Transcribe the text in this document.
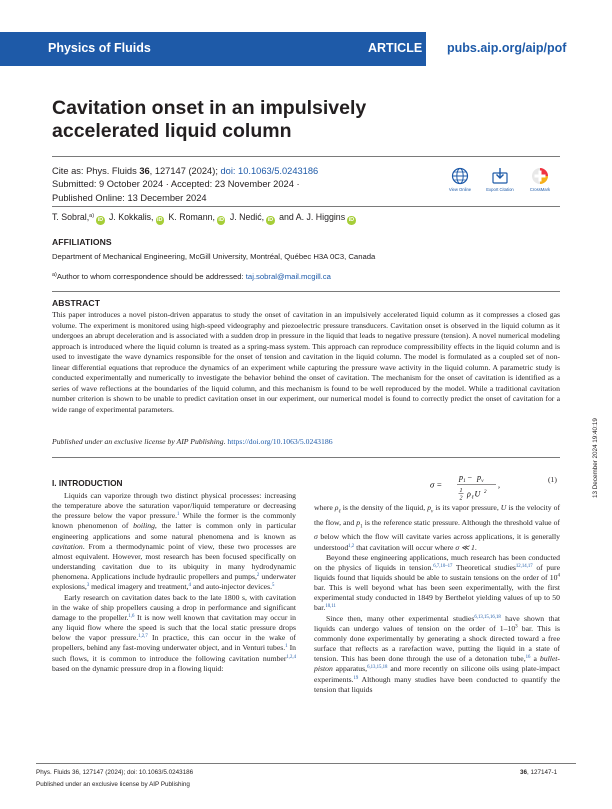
Physics of Fluids	ARTICLE pubs.aip.org/aip/pof
Cavitation onset in an impulsively accelerated liquid column
Cite as: Phys. Fluids 36, 127147 (2024); doi: 10.1063/5.0243186
Submitted: 9 October 2024 · Accepted: 23 November 2024 ·
Published Online: 13 December 2024
View Online	Export Citation	CrossMark
T. Sobral,$^{a)}$iD J. Kokkalis, iD K. Romann, iD J. Nedić, iD and A. J. Higgins iD
AFFILIATIONS
Department of Mechanical Engineering, McGill University, Montréal, Québec H3A 0C3, Canada
$^{a)}$Author to whom correspondence should be addressed: taj.sobral@mail.mcgill.ca
ABSTRACT

This paper introduces a novel piston-driven apparatus to study the onset of cavitation in an impulsively accelerated liquid column as it compresses a closed gas volume. The experiment is monitored using high-speed videography and piezoelectric pressure transducers. Cavitation onset is observed in the liquid column as it undergoes an abrupt deceleration and is associated with a sudden drop in pressure in the liquid that leads to negative pressure (tension). A novel numerical modeling approach is introduced where the liquid column is treated as a spring-mass system. This approach can reproduce compressibility effects in the liquid column and is used to investigate the wave dynamics responsible for the onset of tension and cavitation in the liquid column. The model is formulated as a coupled set of non-linear differential equations that reproduce the dynamics of an experiment while capturing the pressure wave activity in the liquid column. A parametric study is conducted experimentally and numerically to investigate the behavior behind the onset of cavitation. The mechanism for the onset of cavitation is identified as a series of wave reflections at the boundaries of the liquid column, and this mechanism is found to be well reproduced by the model. While a traditional cavitation number criterion is shown to be unable to predict cavitation onset in our experiment, our numerical model is found to correctly predict the onset of cavitation for a wide range of experimental parameters.

Published under an exclusive license by AIP Publishing. https://doi.org/10.1063/5.0243186
I. INTRODUCTION

Liquids can vaporize through two distinct physical processes: increasing the temperature above the saturation vapor/liquid temperature or decreasing the pressure below the vapor pressure.$^1$ While the former is the commonly known phenomenon of boiling, the latter is common only in particular engineering applications and some natural phenomena and is known as cavitation. From a thermodynamic point of view, these two processes are almost equivalent. However, most research has been focused specifically on understanding cavitation due to its ubiquity in many hydrodynamic phenomena. Applications include hydraulic propellers and pumps,$^2$ underwater explosions,$^3$ medical imagery and treatment,$^4$ and auto-injector devices.$^5$

Early research on cavitation dates back to the late 1800 s, with cavitation in the wake of ship propellers causing a drop in performance and significant damage to the propeller.$^{1,6}$ It is now well known that cavitation may occur in any liquid flow where the speed is such that the local static pressure drops below the vapor pressure.$^{1,2,7}$ In practice, this can occur in the wake of propellers, behind any fast-moving underwater object, and in Venturi tubes.$^1$ In such flows, it is common to introduce the following cavitation number$^{1,2,4}$ based on the dynamic pressure drop in a flowing liquid:

σ =
p 1 − p v
1
2 ρ ℓ U 2
,
(1)

where $\rho_\ell$ is the density of the liquid, $p_v$ is its vapor pressure, U is the velocity of the flow, and $p_1$ is the reference static pressure. Although the threshold value of σ below which the flow will cavitate varies across applications, it is generally understood$^{1,2}$ that cavitation will occur where σ ≪ 1.

Beyond these engineering applications, much research has been conducted on the physics of liquids in tension.$^{6,7,10-17}$ Theoretical studies$^{12,14,17}$ of pure liquids found that liquids should be able to sustain tensions on the order of $10^4$ bar. This is well beyond what has been seen experimentally, with the first experimental study conducted in 1849 by Berthelot yielding values of up to 50 bar.$^{10,11}$

Since then, many other experimental studies$^{6,13,15,16,18}$ have shown that liquids can undergo values of tension on the order of $1-10^3$ bar. This is commonly done experimentally by generating a shock directed toward a free surface that reflects as a rarefaction wave, putting the liquid in a state of tension. This has been done through the use of a detonation tube,$^{16}$ a bullet-piston apparatus,$^{6,13,15,18}$ and more recently on silicone oils using plate-impact experiments.$^{19}$ Although many studies have been conducted to quantify the tension that liquids

13 December 2024 19:40:19
Phys. Fluids 36, 127147 (2024); doi: 10.1063/5.0243186
Published under an exclusive license by AIP Publishing
36, 127147-1
